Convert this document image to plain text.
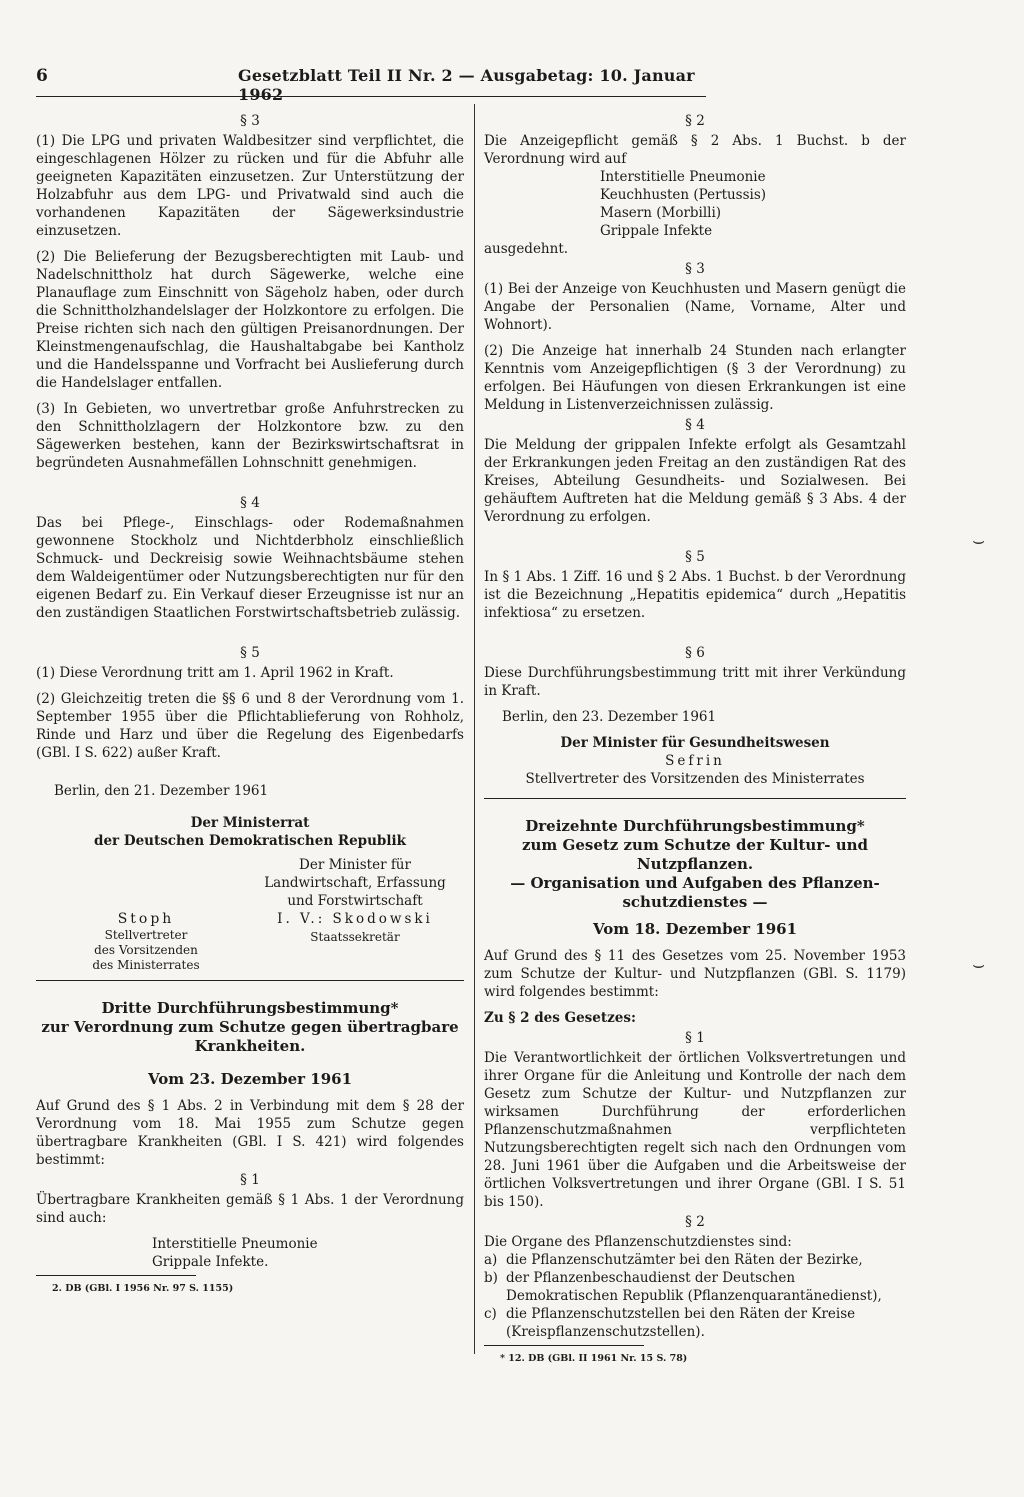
6	Gesetzblatt Teil II Nr. 2 — Ausgabetag: 10. Januar 1962

§ 3

(1) Die LPG und privaten Waldbesitzer sind verpflichtet, die eingeschlagenen Hölzer zu rücken und für die Abfuhr alle geeigneten Kapazitäten einzusetzen. Zur Unterstützung der Holzabfuhr aus dem LPG- und Privatwald sind auch die vorhandenen Kapazitäten der Sägewerksindustrie einzusetzen.

(2) Die Belieferung der Bezugsberechtigten mit Laub- und Nadelschnittholz hat durch Sägewerke, welche eine Planauflage zum Einschnitt von Sägeholz haben, oder durch die Schnittholzhandelslager der Holzkontore zu erfolgen. Die Preise richten sich nach den gültigen Preisanordnungen. Der Kleinstmengenaufschlag, die Haushaltabgabe bei Kantholz und die Handelsspanne und Vorfracht bei Auslieferung durch die Handelslager entfallen.

(3) In Gebieten, wo unvertretbar große Anfuhrstrecken zu den Schnittholzlagern der Holzkontore bzw. zu den Sägewerken bestehen, kann der Bezirkswirtschaftsrat in begründeten Ausnahmefällen Lohnschnitt genehmigen.

§ 4

Das bei Pflege-, Einschlags- oder Rodemaßnahmen gewonnene Stockholz und Nichtderbholz einschließlich Schmuck- und Deckreisig sowie Weihnachtsbäume stehen dem Waldeigentümer oder Nutzungsberechtigten nur für den eigenen Bedarf zu. Ein Verkauf dieser Erzeugnisse ist nur an den zuständigen Staatlichen Forstwirtschaftsbetrieb zulässig.

§ 5

(1) Diese Verordnung tritt am 1. April 1962 in Kraft.

(2) Gleichzeitig treten die §§ 6 und 8 der Verordnung vom 1. September 1955 über die Pflichtablieferung von Rohholz, Rinde und Harz und über die Regelung des Eigenbedarfs (GBl. I S. 622) außer Kraft.

Berlin, den 21. Dezember 1961

Der Ministerrat

der Deutschen Demokratischen Republik

Der Minister für
Landwirtschaft, Erfassung
und Forstwirtschaft
I. V.: Skodowski
Staatssekretär
Stoph
Stellvertreter
des Vorsitzenden
des Ministerrates
Dritte Durchführungsbestimmung*
zur Verordnung zum Schutze gegen übertragbare
Krankheiten.
Vom 23. Dezember 1961

Auf Grund des § 1 Abs. 2 in Verbindung mit dem § 28 der Verordnung vom 18. Mai 1955 zum Schutze gegen übertragbare Krankheiten (GBl. I S. 421) wird folgendes bestimmt:

§ 1

Übertragbare Krankheiten gemäß § 1 Abs. 1 der Verordnung sind auch:

Interstitielle Pneumonie

Grippale Infekte.

2. DB (GBl. I 1956 Nr. 97 S. 1155)

§ 2

Die Anzeigepflicht gemäß § 2 Abs. 1 Buchst. b der Verordnung wird auf

Interstitielle Pneumonie

Keuchhusten (Pertussis)

Masern (Morbilli)

Grippale Infekte

ausgedehnt.

§ 3

(1) Bei der Anzeige von Keuchhusten und Masern genügt die Angabe der Personalien (Name, Vorname, Alter und Wohnort).

(2) Die Anzeige hat innerhalb 24 Stunden nach erlangter Kenntnis vom Anzeigepflichtigen (§ 3 der Verordnung) zu erfolgen. Bei Häufungen von diesen Erkrankungen ist eine Meldung in Listenverzeichnissen zulässig.

§ 4

Die Meldung der grippalen Infekte erfolgt als Gesamtzahl der Erkrankungen jeden Freitag an den zuständigen Rat des Kreises, Abteilung Gesundheits- und Sozialwesen. Bei gehäuftem Auftreten hat die Meldung gemäß § 3 Abs. 4 der Verordnung zu erfolgen.

§ 5

In § 1 Abs. 1 Ziff. 16 und § 2 Abs. 1 Buchst. b der Verordnung ist die Bezeichnung „Hepatitis epidemica“ durch „Hepatitis infektiosa“ zu ersetzen.

§ 6

Diese Durchführungsbestimmung tritt mit ihrer Verkündung in Kraft.

Berlin, den 23. Dezember 1961

Der Minister für Gesundheitswesen

Sefrin

Stellvertreter des Vorsitzenden des Ministerrates

Dreizehnte Durchführungsbestimmung*
zum Gesetz zum Schutze der Kultur- und
Nutzpflanzen.
— Organisation und Aufgaben des Pflanzen-
schutzdienstes —
Vom 18. Dezember 1961

Auf Grund des § 11 des Gesetzes vom 25. November 1953 zum Schutze der Kultur- und Nutzpflanzen (GBl. S. 1179) wird folgendes bestimmt:

Zu § 2 des Gesetzes:

§ 1

Die Verantwortlichkeit der örtlichen Volksvertretungen und ihrer Organe für die Anleitung und Kontrolle der nach dem Gesetz zum Schutze der Kultur- und Nutzpflanzen zur wirksamen Durchführung der erforderlichen Pflanzenschutzmaßnahmen verpflichteten Nutzungsberechtigten regelt sich nach den Ordnungen vom 28. Juni 1961 über die Aufgaben und die Arbeitsweise der örtlichen Volksvertretungen und ihrer Organe (GBl. I S. 51 bis 150).

§ 2

Die Organe des Pflanzenschutzdienstes sind:

a) die Pflanzenschutzämter bei den Räten der Bezirke,
b) der Pflanzenbeschaudienst der Deutschen Demokratischen Republik (Pflanzenquarantänedienst),
c) die Pflanzenschutzstellen bei den Räten der Kreise (Kreispflanzenschutzstellen).

* 12. DB (GBl. II 1961 Nr. 15 S. 78)

⌣
⌣
